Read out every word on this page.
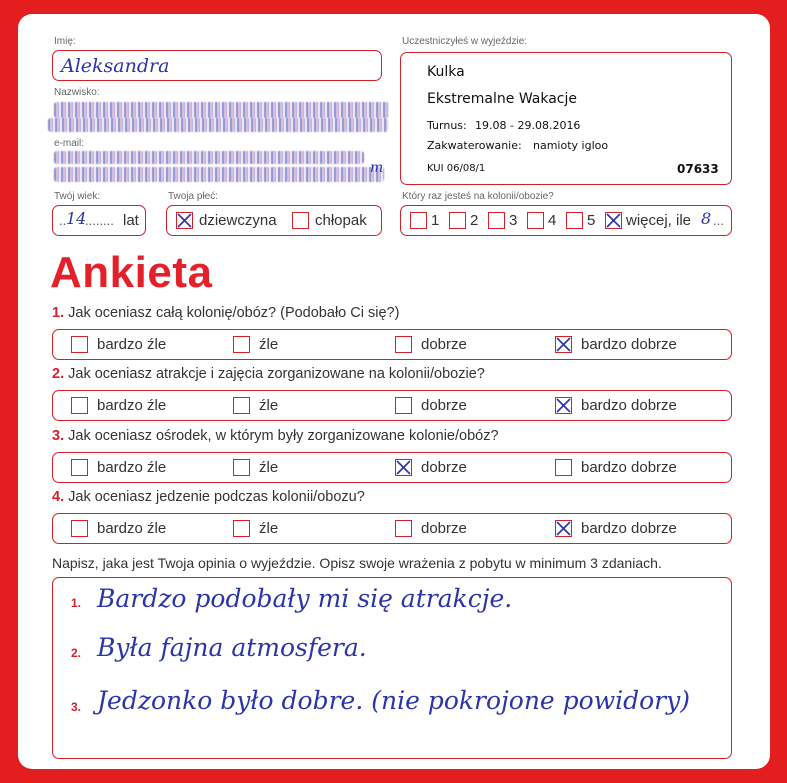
Imię:
Aleksandra
Nazwisko:
e-mail:
m
Uczestniczyłeś w wyjeździe:
Kulka
Ekstremalne Wakacje
Turnus: 19.08 - 29.08.2016
Zakwaterowanie: namioty igloo
KUI 06/08/1	07633
Twój wiek:
.. 14
........ lat
Twoja płeć:
dziewczyna	chłopak
Który raz jesteś na kolonii/obozie?
1 2 3 4 5 więcej, ile 8 ...
Ankieta
1. Jak oceniasz całą kolonię/obóz? (Podobało Ci się?)
bardzo źle	źle	dobrze	bardzo dobrze
2. Jak oceniasz atrakcje i zajęcia zorganizowane na kolonii/obozie?
bardzo źle	źle	dobrze	bardzo dobrze
3. Jak oceniasz ośrodek, w którym były zorganizowane kolonie/obóz?
bardzo źle	źle	dobrze	bardzo dobrze
4. Jak oceniasz jedzenie podczas kolonii/obozu?
bardzo źle	źle	dobrze	bardzo dobrze
Napisz, jaka jest Twoja opinia o wyjeździe. Opisz swoje wrażenia z pobytu w minimum 3 zdaniach.
1. Bardzo podobały mi się atrakcje.
2. Była fajna atmosfera.
3. Jedzonko było dobre. (nie pokrojone powidory)
